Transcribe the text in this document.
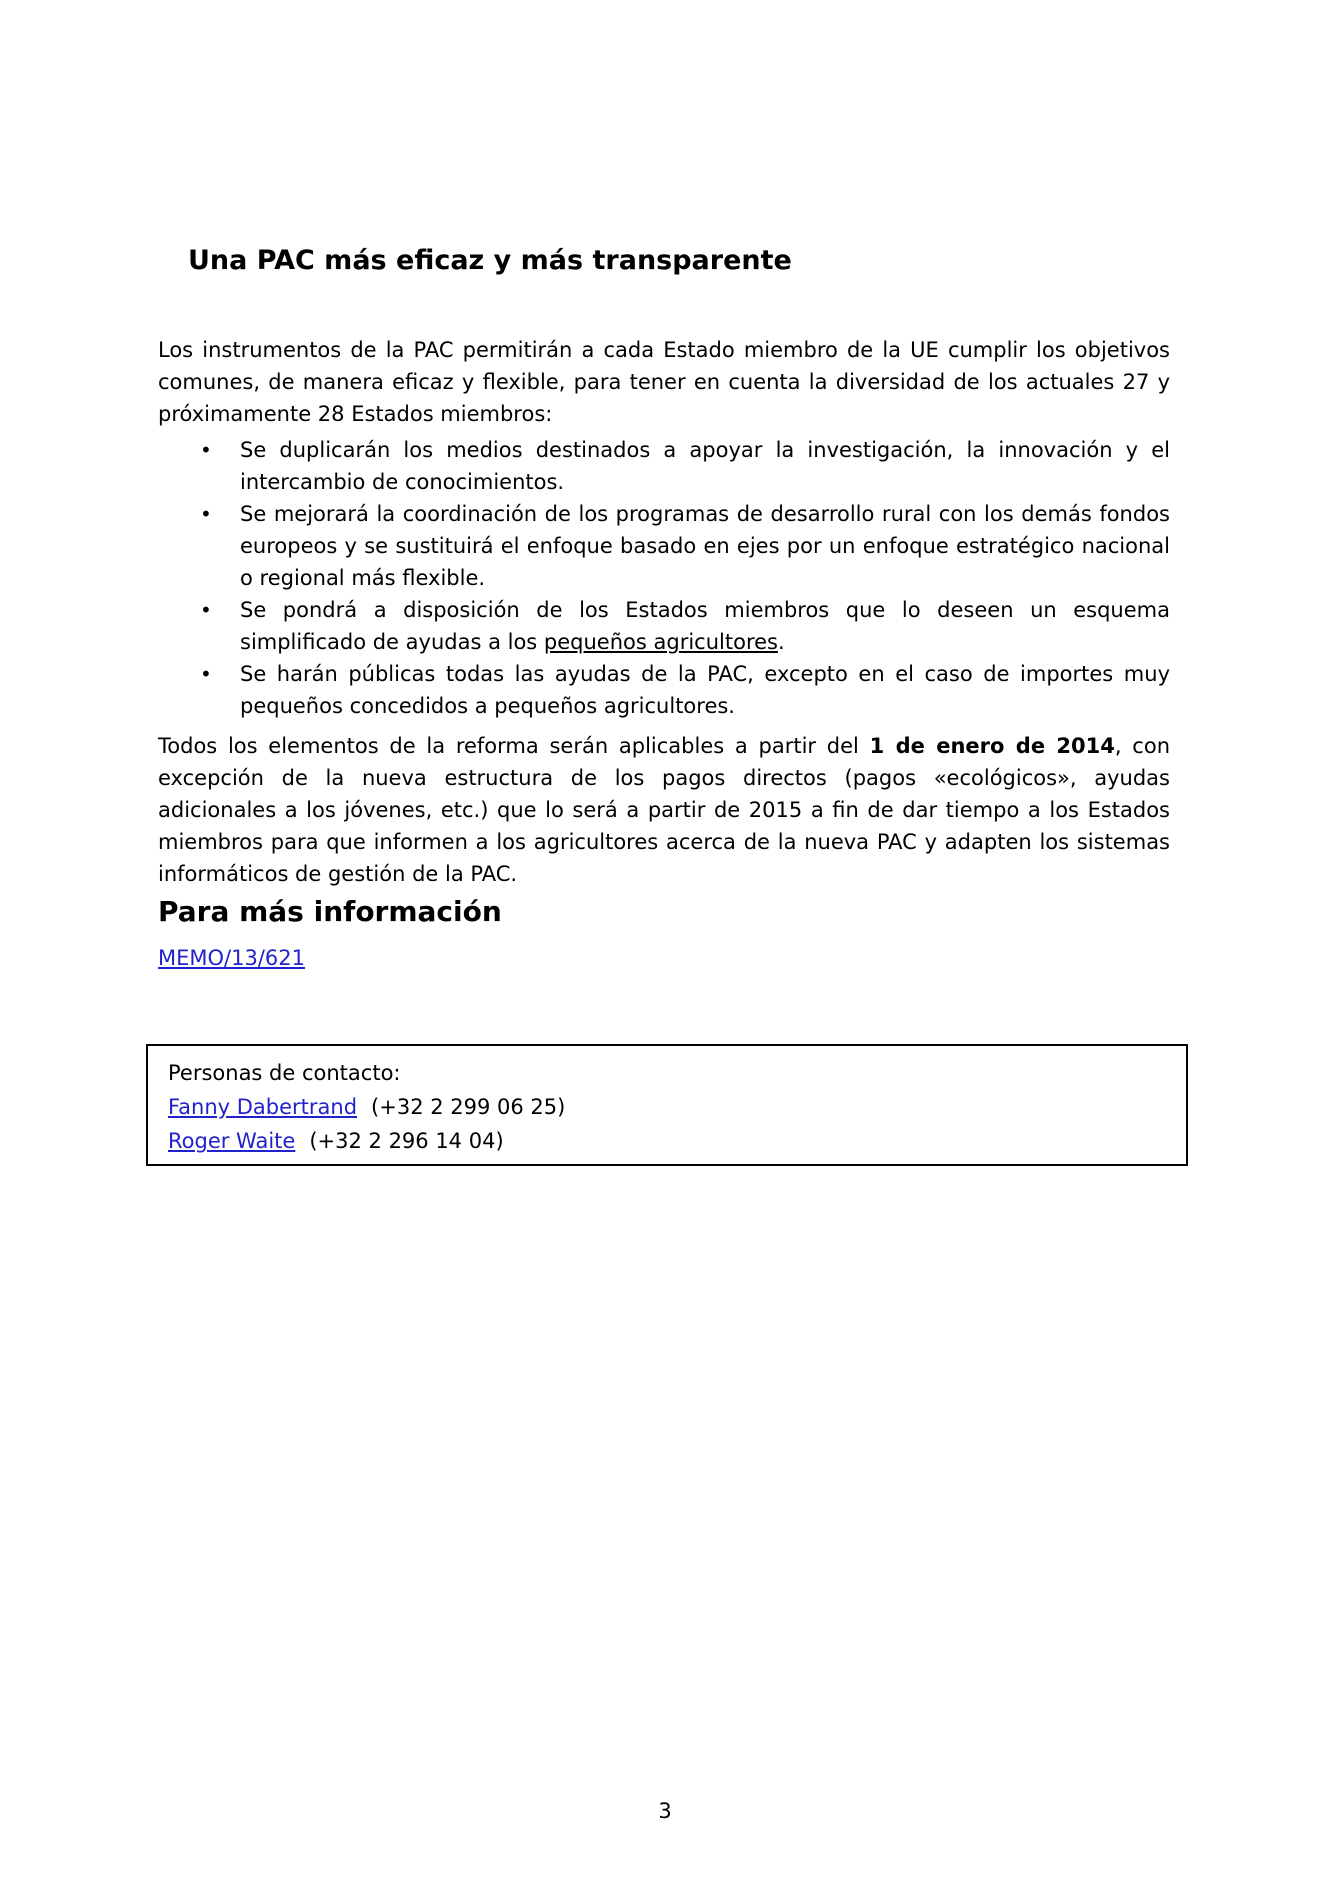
Una PAC más eficaz y más transparente

Los instrumentos de la PAC permitirán a cada Estado miembro de la UE cumplir los objetivos comunes, de manera eficaz y flexible, para tener en cuenta la diversidad de los actuales 27 y próximamente 28 Estados miembros:

• Se duplicarán los medios destinados a apoyar la investigación, la innovación y el intercambio de conocimientos.
• Se mejorará la coordinación de los programas de desarrollo rural con los demás fondos europeos y se sustituirá el enfoque basado en ejes por un enfoque estratégico nacional o regional más flexible.
• Se pondrá a disposición de los Estados miembros que lo deseen un esquema simplificado de ayudas a los pequeños agricultores.
• Se harán públicas todas las ayudas de la PAC, excepto en el caso de importes muy pequeños concedidos a pequeños agricultores.

Todos los elementos de la reforma serán aplicables a partir del 1 de enero de 2014, con excepción de la nueva estructura de los pagos directos (pagos «ecológicos», ayudas adicionales a los jóvenes, etc.) que lo será a partir de 2015 a fin de dar tiempo a los Estados miembros para que informen a los agricultores acerca de la nueva PAC y adapten los sistemas informáticos de gestión de la PAC.

Para más información

MEMO/13/621

Personas de contacto:

Fanny Dabertrand (+32 2 299 06 25)

Roger Waite (+32 2 296 14 04)

3
